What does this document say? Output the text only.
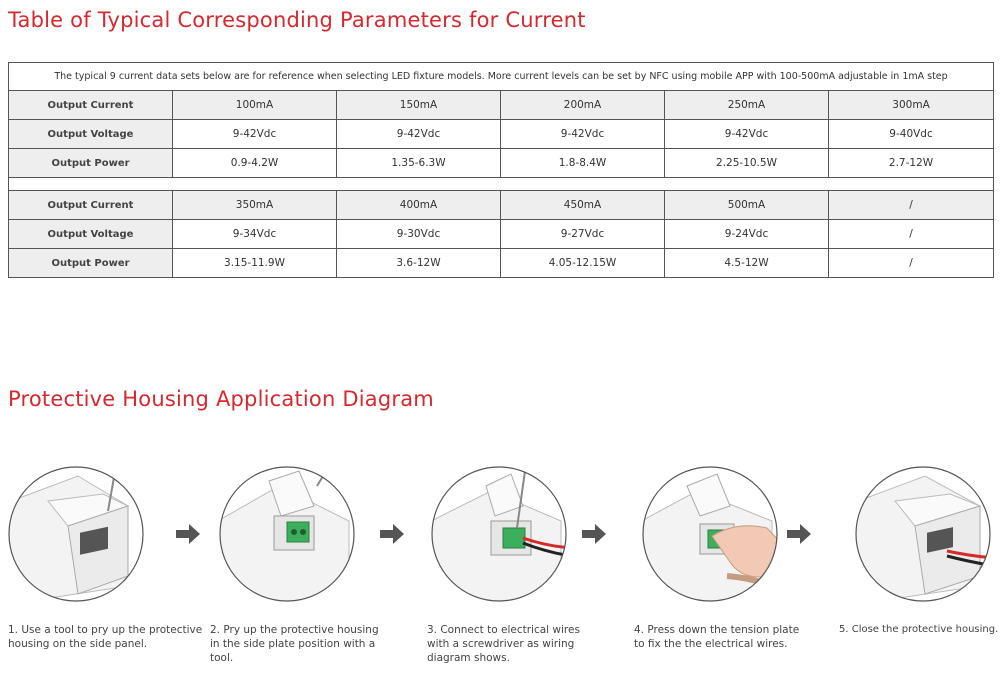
Table of Typical Corresponding Parameters for Current
The typical 9 current data sets below are for reference when selecting LED fixture models. More current levels can be set by NFC using mobile APP with 100-500mA adjustable in 1mA step					
Output Current	100mA	150mA	200mA	250mA	300mA
Output Voltage	9-42Vdc	9-42Vdc	9-42Vdc	9-42Vdc	9-40Vdc
Output Power	0.9-4.2W	1.35-6.3W	1.8-8.4W	2.25-10.5W	2.7-12W

Output Current	350mA	400mA	450mA	500mA	/
Output Voltage	9-34Vdc	9-30Vdc	9-27Vdc	9-24Vdc	/
Output Power	3.15-11.9W	3.6-12W	4.05-12.15W	4.5-12W	/
Protective Housing Application Diagram

1. Use a tool to pry up the protective
housing on the side panel.

2. Pry up the protective housing
in the side plate position with a
tool.

3. Connect to electrical wires
with a screwdriver as wiring
diagram shows.

4. Press down the tension plate
to fix the the electrical wires.

5. Close the protective housing.
